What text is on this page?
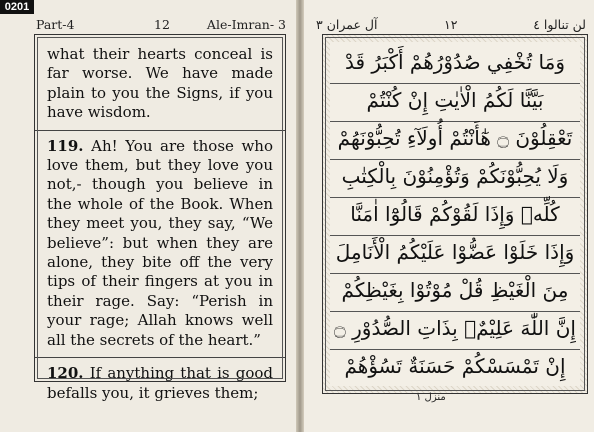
0201
Part-4	12	Ale-Imran- 3

what their hearts conceal is far worse. We have made plain to you the Signs, if you have wisdom.

119. Ah! You are those who love them, but they love you not,- though you believe in the whole of the Book. When they meet you, they say, “We believe”: but when they are alone, they bite off the very tips of their fingers at you in their rage. Say: “Perish in your rage; Allah knows well all the secrets of the heart.”

120. If anything that is good befalls you, it grieves them;

آل عمران ٣	١٢	لن تنالوا ٤
وَمَا تُخْفِي صُدُوْرُهُمْ أَكْبَرُ قَدْ
بَيَّنَّا لَكُمُ الْاٰيٰتِ إِنْ كُنْتُمْ
تَعْقِلُوْنَ ۝ هٰٓأَنْتُمْ أُولَآءِ تُحِبُّوْنَهُمْ
وَلَا يُحِبُّوْنَكُمْ وَتُؤْمِنُوْنَ بِالْكِتٰبِ
كُلِّهٖ وَإِذَا لَقُوْكُمْ قَالُوْٓا اٰمَنَّا
وَإِذَا خَلَوْا عَضُّوْا عَلَيْكُمُ الْأَنَامِلَ
مِنَ الْغَيْظِ قُلْ مُوْتُوْا بِغَيْظِكُمْ
إِنَّ اللّٰهَ عَلِيْمٌۢ بِذَاتِ الصُّدُوْرِ ۝
إِنْ تَمْسَسْكُمْ حَسَنَةٌ تَسُؤْهُمْ
منزل ١
